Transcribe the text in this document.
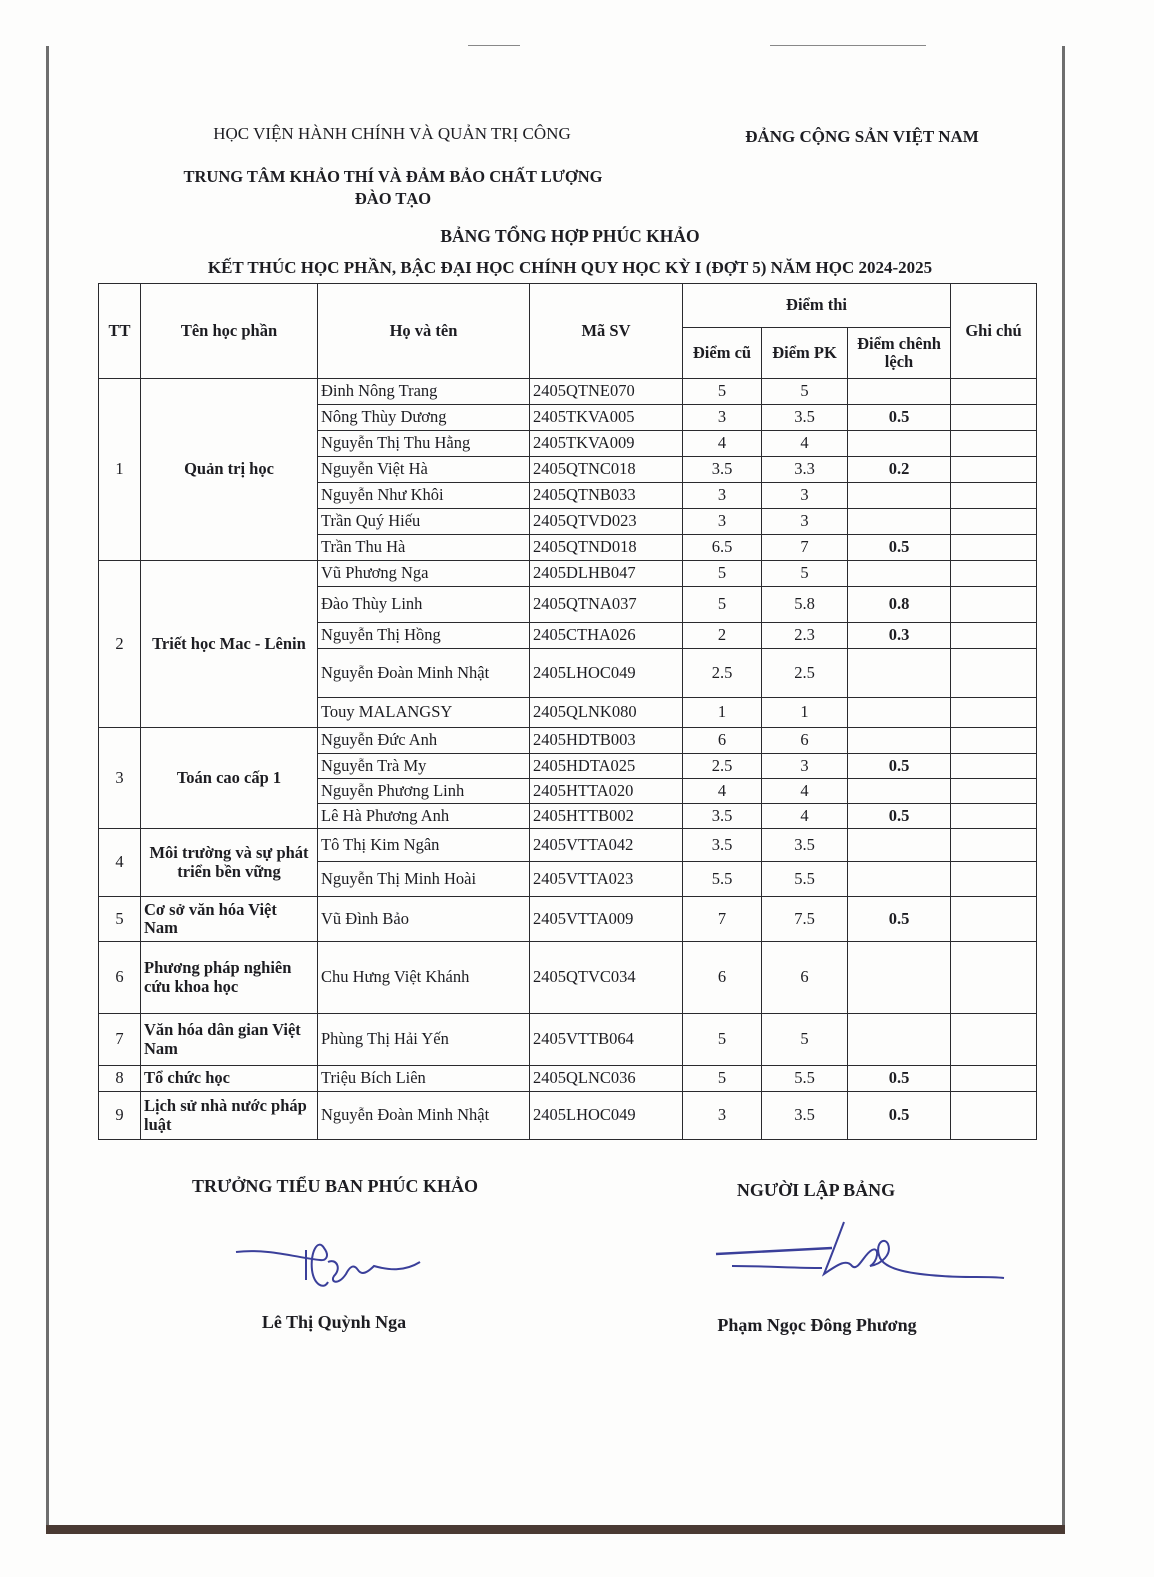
HỌC VIỆN HÀNH CHÍNH VÀ QUẢN TRỊ CÔNG	ĐẢNG CỘNG SẢN VIỆT NAM
TRUNG TÂM KHẢO THÍ VÀ ĐẢM BẢO CHẤT LƯỢNG
ĐÀO TẠO
BẢNG TỔNG HỢP PHÚC KHẢO
KẾT THÚC HỌC PHẦN, BẬC ĐẠI HỌC CHÍNH QUY HỌC KỲ I (ĐỢT 5) NĂM HỌC 2024-2025
TT	Tên học phần	Họ và tên	Mã SV	Điểm thi			Ghi chú
				Điểm cũ	Điểm PK	Điểm chênh lệch	
1	Quản trị học	Đinh Nông Trang	2405QTNE070	5	5		
		Nông Thùy Dương	2405TKVA005	3	3.5	0.5	
		Nguyễn Thị Thu Hằng	2405TKVA009	4	4		
		Nguyễn Việt Hà	2405QTNC018	3.5	3.3	0.2	
		Nguyễn Như Khôi	2405QTNB033	3	3		
		Trần Quý Hiếu	2405QTVD023	3	3		
		Trần Thu Hà	2405QTND018	6.5	7	0.5	
2	Triết học Mac - Lênin	Vũ Phương Nga	2405DLHB047	5	5		
		Đào Thùy Linh	2405QTNA037	5	5.8	0.8	
		Nguyễn Thị Hồng	2405CTHA026	2	2.3	0.3	
		Nguyễn Đoàn Minh Nhật	2405LHOC049	2.5	2.5		
		Touy MALANGSY	2405QLNK080	1	1		
3	Toán cao cấp 1	Nguyễn Đức Anh	2405HDTB003	6	6		
		Nguyễn Trà My	2405HDTA025	2.5	3	0.5	
		Nguyễn Phương Linh	2405HTTA020	4	4		
		Lê Hà Phương Anh	2405HTTB002	3.5	4	0.5	
4	Môi trường và sự phát triển bền vững	Tô Thị Kim Ngân	2405VTTA042	3.5	3.5		
		Nguyễn Thị Minh Hoài	2405VTTA023	5.5	5.5		
5	Cơ sở văn hóa Việt Nam	Vũ Đình Bảo	2405VTTA009	7	7.5	0.5	
6	Phương pháp nghiên cứu khoa học	Chu Hưng Việt Khánh	2405QTVC034	6	6		
7	Văn hóa dân gian Việt Nam	Phùng Thị Hải Yến	2405VTTB064	5	5		
8	Tổ chức học	Triệu Bích Liên	2405QLNC036	5	5.5	0.5	
9	Lịch sử nhà nước pháp luật	Nguyễn Đoàn Minh Nhật	2405LHOC049	3	3.5	0.5	
TRƯỞNG TIỂU BAN PHÚC KHẢO
Lê Thị Quỳnh Nga
NGƯỜI LẬP BẢNG
Phạm Ngọc Đông Phương
